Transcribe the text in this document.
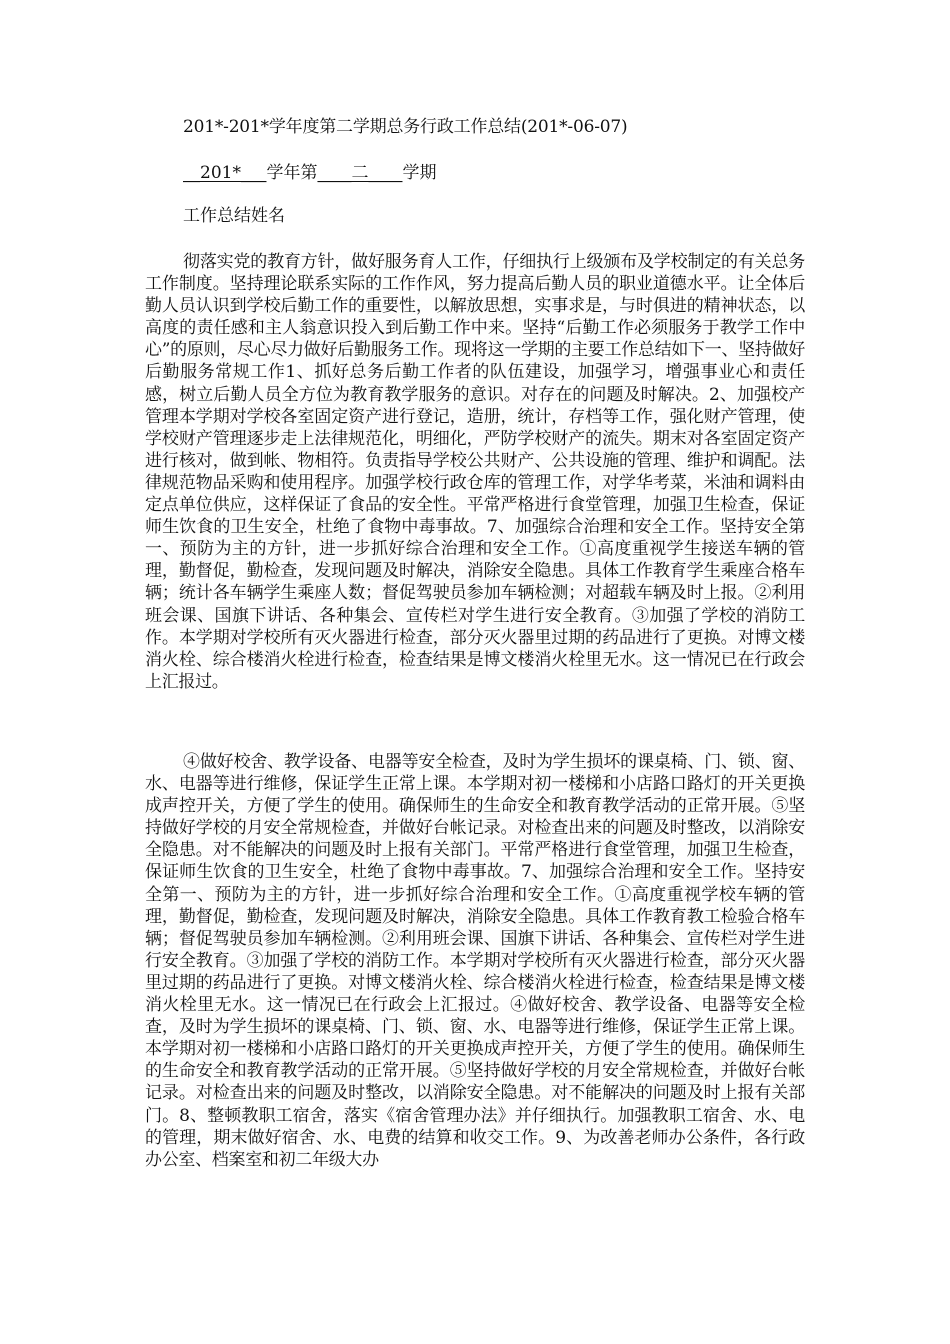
201*-201*学年度第二学期总务行政工作总结(201*-06-07)
__201*___学年第____二____学期
工作总结姓名

彻落实党的教育方针，做好服务育人工作，仔细执行上级颁布及学校制定的有关总务工作制度。坚持理论联系实际的工作作风，努力提高后勤人员的职业道德水平。让全体后勤人员认识到学校后勤工作的重要性，以解放思想，实事求是，与时俱进的精神状态，以高度的责任感和主人翁意识投入到后勤工作中来。坚持“后勤工作必须服务于教学工作中心”的原则，尽心尽力做好后勤服务工作。现将这一学期的主要工作总结如下一、坚持做好后勤服务常规工作1、抓好总务后勤工作者的队伍建设，加强学习，增强事业心和责任感，树立后勤人员全方位为教育教学服务的意识。对存在的问题及时解决。2、加强校产管理本学期对学校各室固定资产进行登记，造册，统计，存档等工作，强化财产管理，使学校财产管理逐步走上法律规范化，明细化，严防学校财产的流失。期末对各室固定资产进行核对，做到帐、物相符。负责指导学校公共财产、公共设施的管理、维护和调配。法律规范物品采购和使用程序。加强学校行政仓库的管理工作，对学华考菜，米油和调料由定点单位供应，这样保证了食品的安全性。平常严格进行食堂管理，加强卫生检查，保证师生饮食的卫生安全，杜绝了食物中毒事故。7、加强综合治理和安全工作。坚持安全第一、预防为主的方针，进一步抓好综合治理和安全工作。①高度重视学生接送车辆的管理，勤督促，勤检查，发现问题及时解决，消除安全隐患。具体工作教育学生乘座合格车辆；统计各车辆学生乘座人数；督促驾驶员参加车辆检测；对超载车辆及时上报。②利用班会课、国旗下讲话、各种集会、宣传栏对学生进行安全教育。③加强了学校的消防工作。本学期对学校所有灭火器进行检查，部分灭火器里过期的药品进行了更换。对博文楼消火栓、综合楼消火栓进行检查，检查结果是博文楼消火栓里无水。这一情况已在行政会上汇报过。

④做好校舍、教学设备、电器等安全检查，及时为学生损坏的课桌椅、门、锁、窗、水、电器等进行维修，保证学生正常上课。本学期对初一楼梯和小店路口路灯的开关更换成声控开关，方便了学生的使用。确保师生的生命安全和教育教学活动的正常开展。⑤坚持做好学校的月安全常规检查，并做好台帐记录。对检查出来的问题及时整改，以消除安全隐患。对不能解决的问题及时上报有关部门。平常严格进行食堂管理，加强卫生检查，保证师生饮食的卫生安全，杜绝了食物中毒事故。7、加强综合治理和安全工作。坚持安全第一、预防为主的方针，进一步抓好综合治理和安全工作。①高度重视学校车辆的管理，勤督促，勤检查，发现问题及时解决，消除安全隐患。具体工作教育教工检验合格车辆；督促驾驶员参加车辆检测。②利用班会课、国旗下讲话、各种集会、宣传栏对学生进行安全教育。③加强了学校的消防工作。本学期对学校所有灭火器进行检查，部分灭火器里过期的药品进行了更换。对博文楼消火栓、综合楼消火栓进行检查，检查结果是博文楼消火栓里无水。这一情况已在行政会上汇报过。④做好校舍、教学设备、电器等安全检查，及时为学生损坏的课桌椅、门、锁、窗、水、电器等进行维修，保证学生正常上课。本学期对初一楼梯和小店路口路灯的开关更换成声控开关，方便了学生的使用。确保师生的生命安全和教育教学活动的正常开展。⑤坚持做好学校的月安全常规检查，并做好台帐记录。对检查出来的问题及时整改，以消除安全隐患。对不能解决的问题及时上报有关部门。8、整顿教职工宿舍，落实《宿舍管理办法》并仔细执行。加强教职工宿舍、水、电的管理，期末做好宿舍、水、电费的结算和收交工作。9、为改善老师办公条件，各行政办公室、档案室和初二年级大办
